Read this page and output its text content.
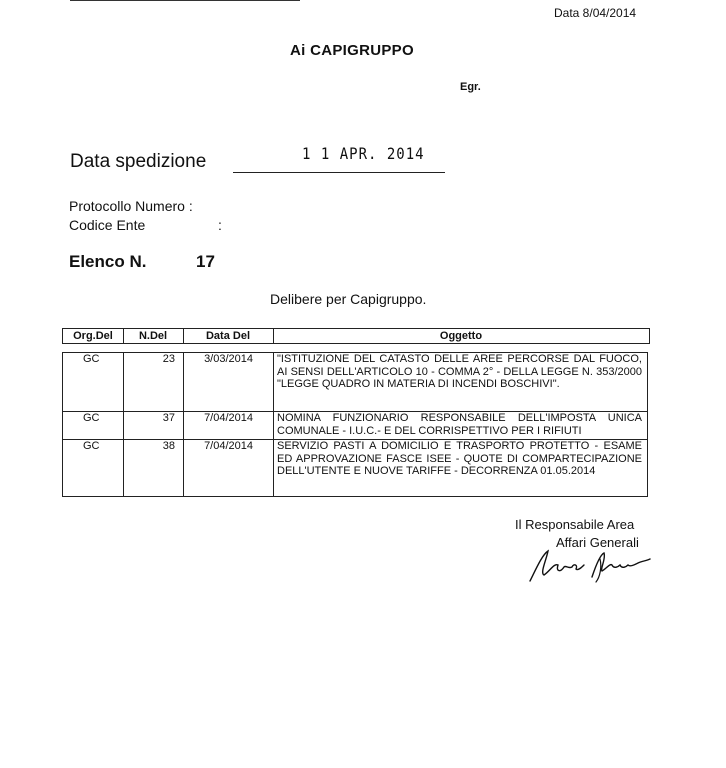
Data 8/04/2014
Ai CAPIGRUPPO
Egr.
Data spedizione	1 1 APR. 2014
Protocollo Numero :
Codice Ente	:
Elenco N.	17
Delibere per Capigruppo.
Org.Del	N.Del	Data Del	Oggetto
GC	23	3/03/2014	"ISTITUZIONE DEL CATASTO DELLE AREE PERCORSE DAL FUOCO, AI SENSI DELL'ARTICOLO 10 - COMMA 2° - DELLA LEGGE N. 353/2000 "LEGGE QUADRO IN MATERIA DI INCENDI BOSCHIVI".
GC	37	7/04/2014	NOMINA FUNZIONARIO RESPONSABILE DELL'IMPOSTA UNICA COMUNALE - I.U.C.- E DEL CORRISPETTIVO PER I RIFIUTI
GC	38	7/04/2014	SERVIZIO PASTI A DOMICILIO E TRASPORTO PROTETTO - ESAME ED APPROVAZIONE FASCE ISEE - QUOTE DI COMPARTECIPAZIONE DELL'UTENTE E NUOVE TARIFFE - DECORRENZA 01.05.2014
Il Responsabile Area
Affari Generali
